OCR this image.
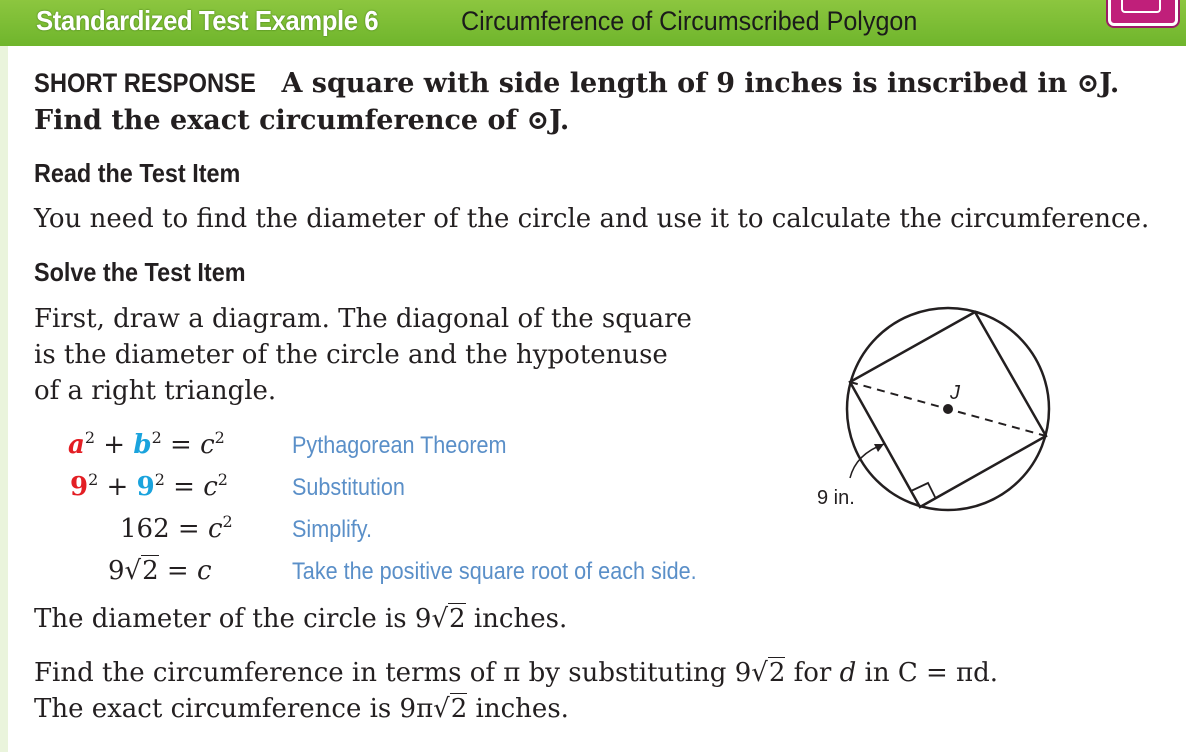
Standardized Test Example 6	Circumference of Circumscribed Polygon
SHORT RESPONSE A square with side length of 9 inches is inscribed in ⊙J.
Find the exact circumference of ⊙J.
Read the Test Item
You need to find the diameter of the circle and use it to calculate the circumference.
Solve the Test Item
First, draw a diagram. The diagonal of the square
is the diameter of the circle and the hypotenuse
of a right triangle.
$a^2 + b^2 = c^2$	Pythagorean Theorem
$9^2 + 9^2 = c^2$	Substitution
$162 = c^2$ Simplify.
9√2 = c	Take the positive square root of each side.
The diameter of the circle is 9√2 inches.
Find the circumference in terms of π by substituting 9√2 for d in C = πd.
The exact circumference is 9π√2 inches.
J
9 in.
